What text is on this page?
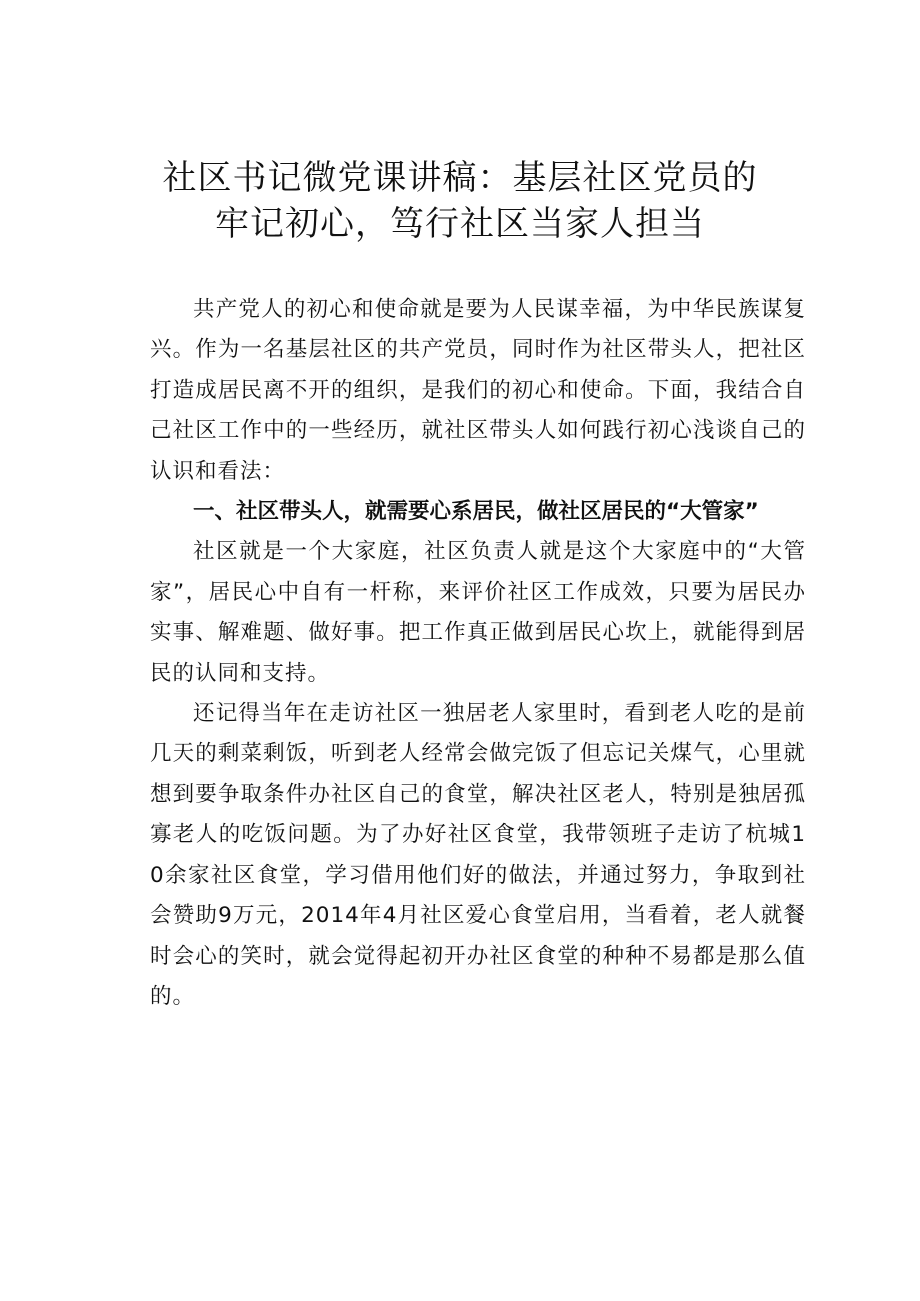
社区书记微党课讲稿：基层社区党员的
牢记初心，笃行社区当家人担当

共产党人的初心和使命就是要为人民谋幸福，为中华民族谋复兴。作为一名基层社区的共产党员，同时作为社区带头人，把社区打造成居民离不开的组织，是我们的初心和使命。下面，我结合自己社区工作中的一些经历，就社区带头人如何践行初心浅谈自己的认识和看法：

一、社区带头人，就需要心系居民，做社区居民的“大管家”

社区就是一个大家庭，社区负责人就是这个大家庭中的“大管家”，居民心中自有一杆称，来评价社区工作成效，只要为居民办实事、解难题、做好事。把工作真正做到居民心坎上，就能得到居民的认同和支持。

还记得当年在走访社区一独居老人家里时，看到老人吃的是前几天的剩菜剩饭，听到老人经常会做完饭了但忘记关煤气，心里就想到要争取条件办社区自己的食堂，解决社区老人，特别是独居孤寡老人的吃饭问题。为了办好社区食堂，我带领班子走访了杭城10余家社区食堂，学习借用他们好的做法，并通过努力，争取到社会赞助9万元，2014年4月社区爱心食堂启用，当看着，老人就餐时会心的笑时，就会觉得起初开办社区食堂的种种不易都是那么值的。
